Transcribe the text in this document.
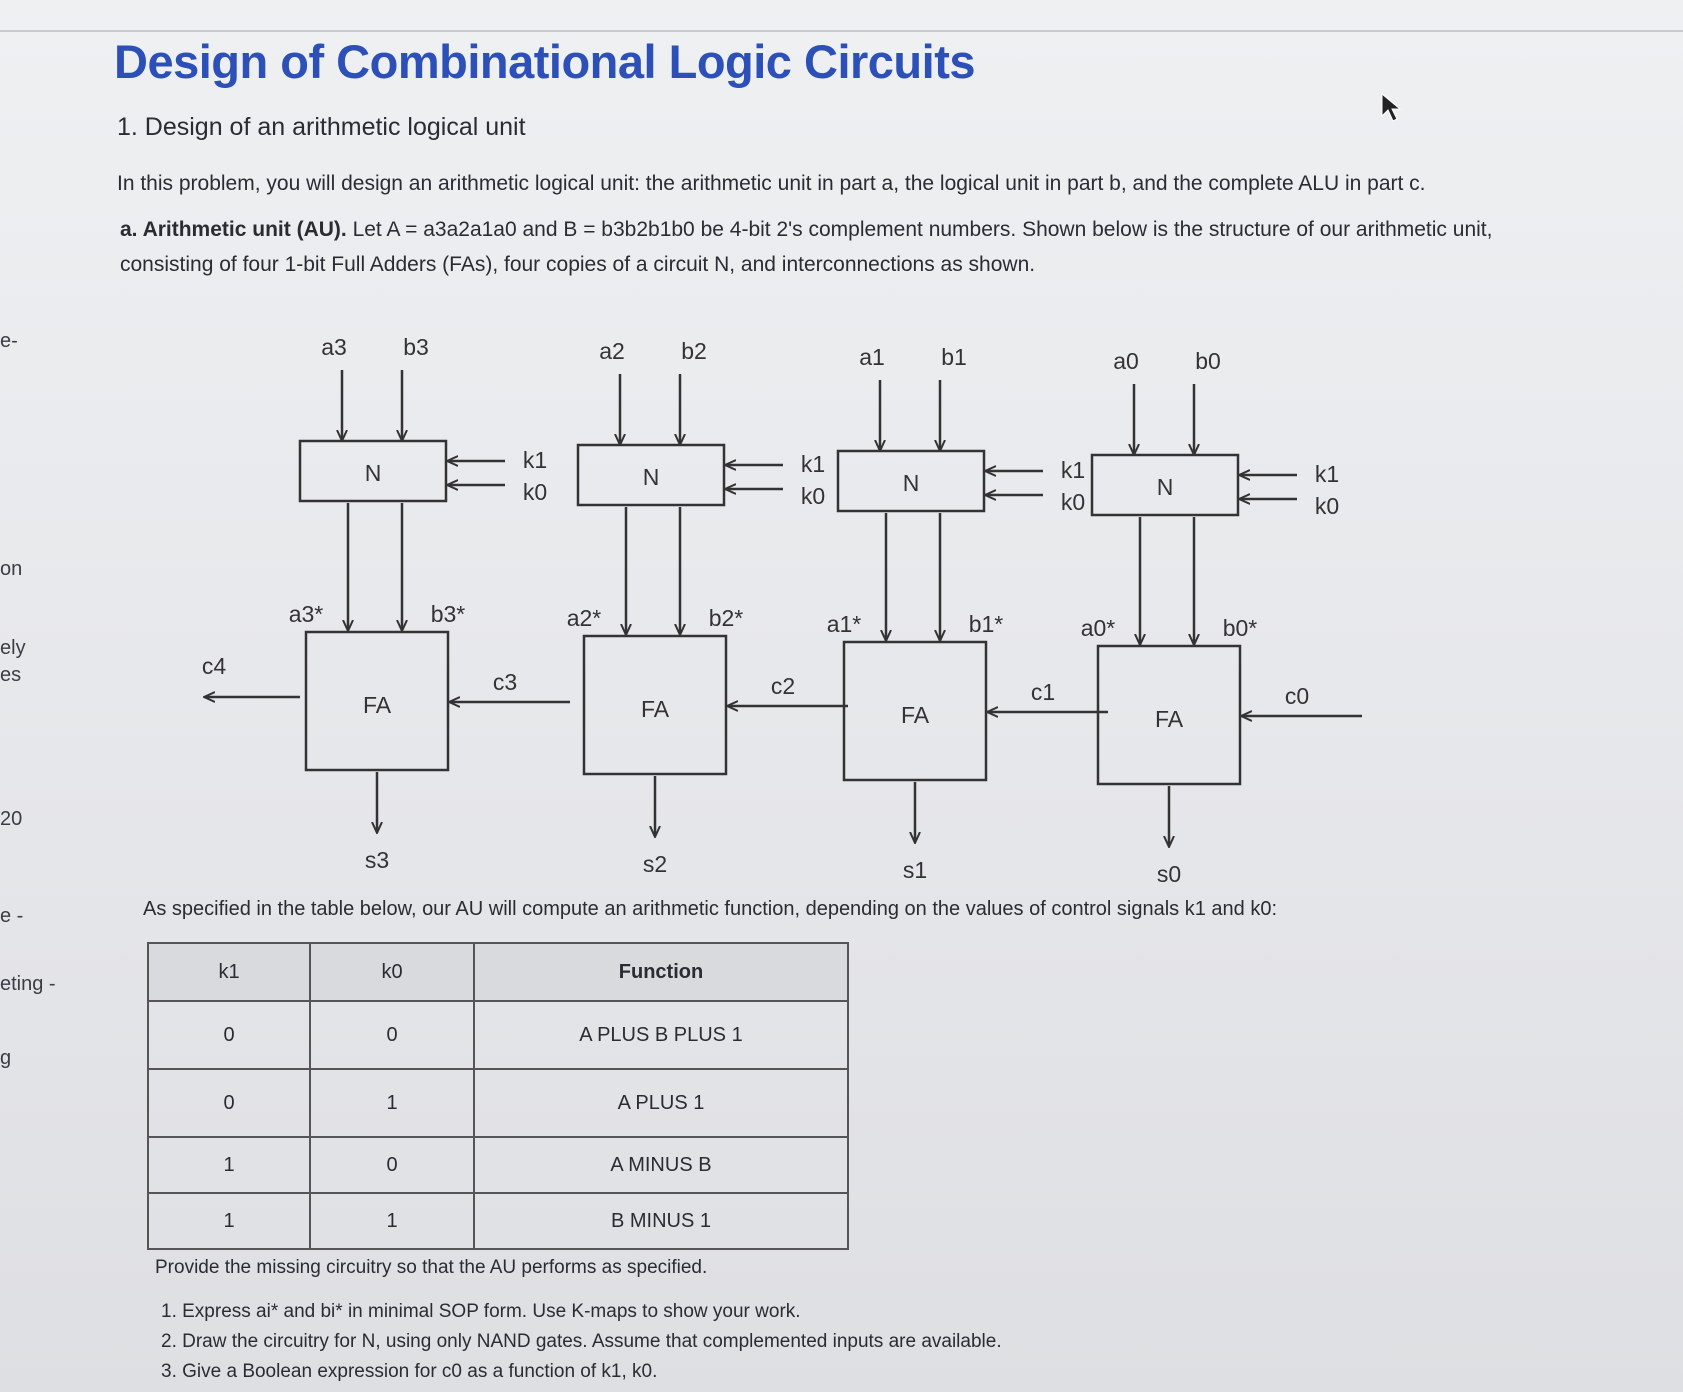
e-
on
ely
es
20
e -
eting -
g
Design of Combinational Logic Circuits
1. Design of an arithmetic logical unit
In this problem, you will design an arithmetic logical unit: the arithmetic unit in part a, the logical unit in part b, and the complete ALU in part c.
a. Arithmetic unit (AU). Let A = a3a2a1a0 and B = b3b2b1b0 be 4-bit 2's complement numbers. Shown below is the structure of our arithmetic unit,
consisting of four 1-bit Full Adders (FAs), four copies of a circuit N, and interconnections as shown.
a3 b3
N	k1
k0
a3*	b3*
FA
s3
c3
a2 b2
N	k1
k0
a2*	b2*
FA
s2
c2
a1 b1
N	k1
k0
a1*	b1*
FA
s1
c1
a0 b0
N	k1
k0
a0*	b0*
FA
s0
c0
c4
As specified in the table below, our AU will compute an arithmetic function, depending on the values of control signals k1 and k0:
k1	k0	Function
0	0	A PLUS B PLUS 1
0	1	A PLUS 1
1	0	A MINUS B
1	1	B MINUS 1
Provide the missing circuitry so that the AU performs as specified.
1. Express ai* and bi* in minimal SOP form. Use K-maps to show your work.
2. Draw the circuitry for N, using only NAND gates. Assume that complemented inputs are available.
3. Give a Boolean expression for c0 as a function of k1, k0.
